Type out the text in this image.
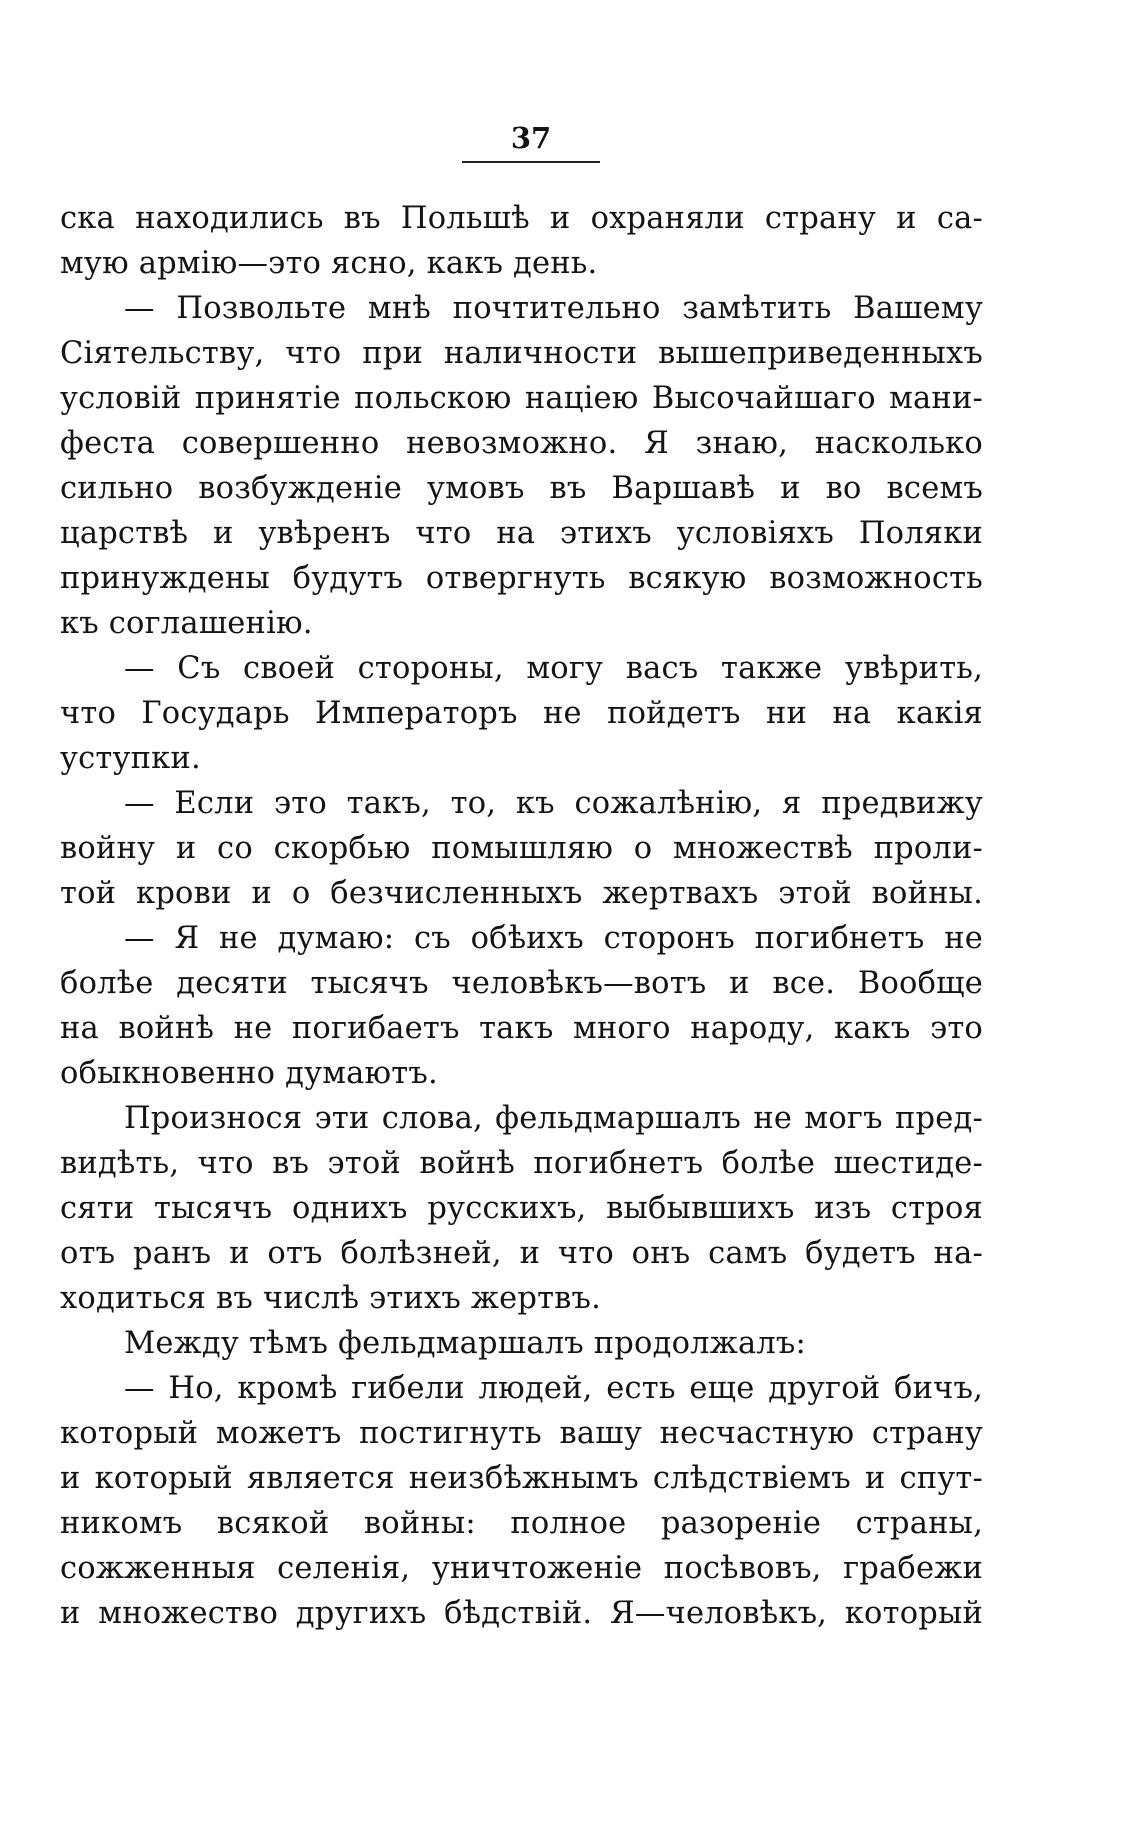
37
ска находились въ Польшѣ и охраняли страну и са-
мую армію—это ясно, какъ день.
— Позвольте мнѣ почтительно замѣтить Вашему
Сіятельству, что при наличности вышеприведенныхъ
условій принятіе польскою націею Высочайшаго мани-
феста совершенно невозможно. Я знаю, насколько
сильно возбужденіе умовъ въ Варшавѣ и во всемъ
царствѣ и увѣренъ что на этихъ условіяхъ Поляки
принуждены будутъ отвергнуть всякую возможность
къ соглашенію.
— Съ своей стороны, могу васъ также увѣрить,
что Государь Императоръ не пойдетъ ни на какія
уступки.
— Если это такъ, то, къ сожалѣнію, я предвижу
войну и со скорбью помышляю о множествѣ проли-
той крови и о безчисленныхъ жертвахъ этой войны.
— Я не думаю: съ обѣихъ сторонъ погибнетъ не
болѣе десяти тысячъ человѣкъ—вотъ и все. Вообще
на войнѣ не погибаетъ такъ много народу, какъ это
обыкновенно думаютъ.
Произнося эти слова, фельдмаршалъ не могъ пред-
видѣть, что въ этой войнѣ погибнетъ болѣе шестиде-
сяти тысячъ однихъ русскихъ, выбывшихъ изъ строя
отъ ранъ и отъ болѣзней, и что онъ самъ будетъ на-
ходиться въ числѣ этихъ жертвъ.
Между тѣмъ фельдмаршалъ продолжалъ:
— Но, кромѣ гибели людей, есть еще другой бичъ,
который можетъ постигнуть вашу несчастную страну
и который является неизбѣжнымъ слѣдствіемъ и спут-
никомъ всякой войны: полное разореніе страны,
сожженныя селенія, уничтоженіе посѣвовъ, грабежи
и множество другихъ бѣдствій. Я—человѣкъ, который
